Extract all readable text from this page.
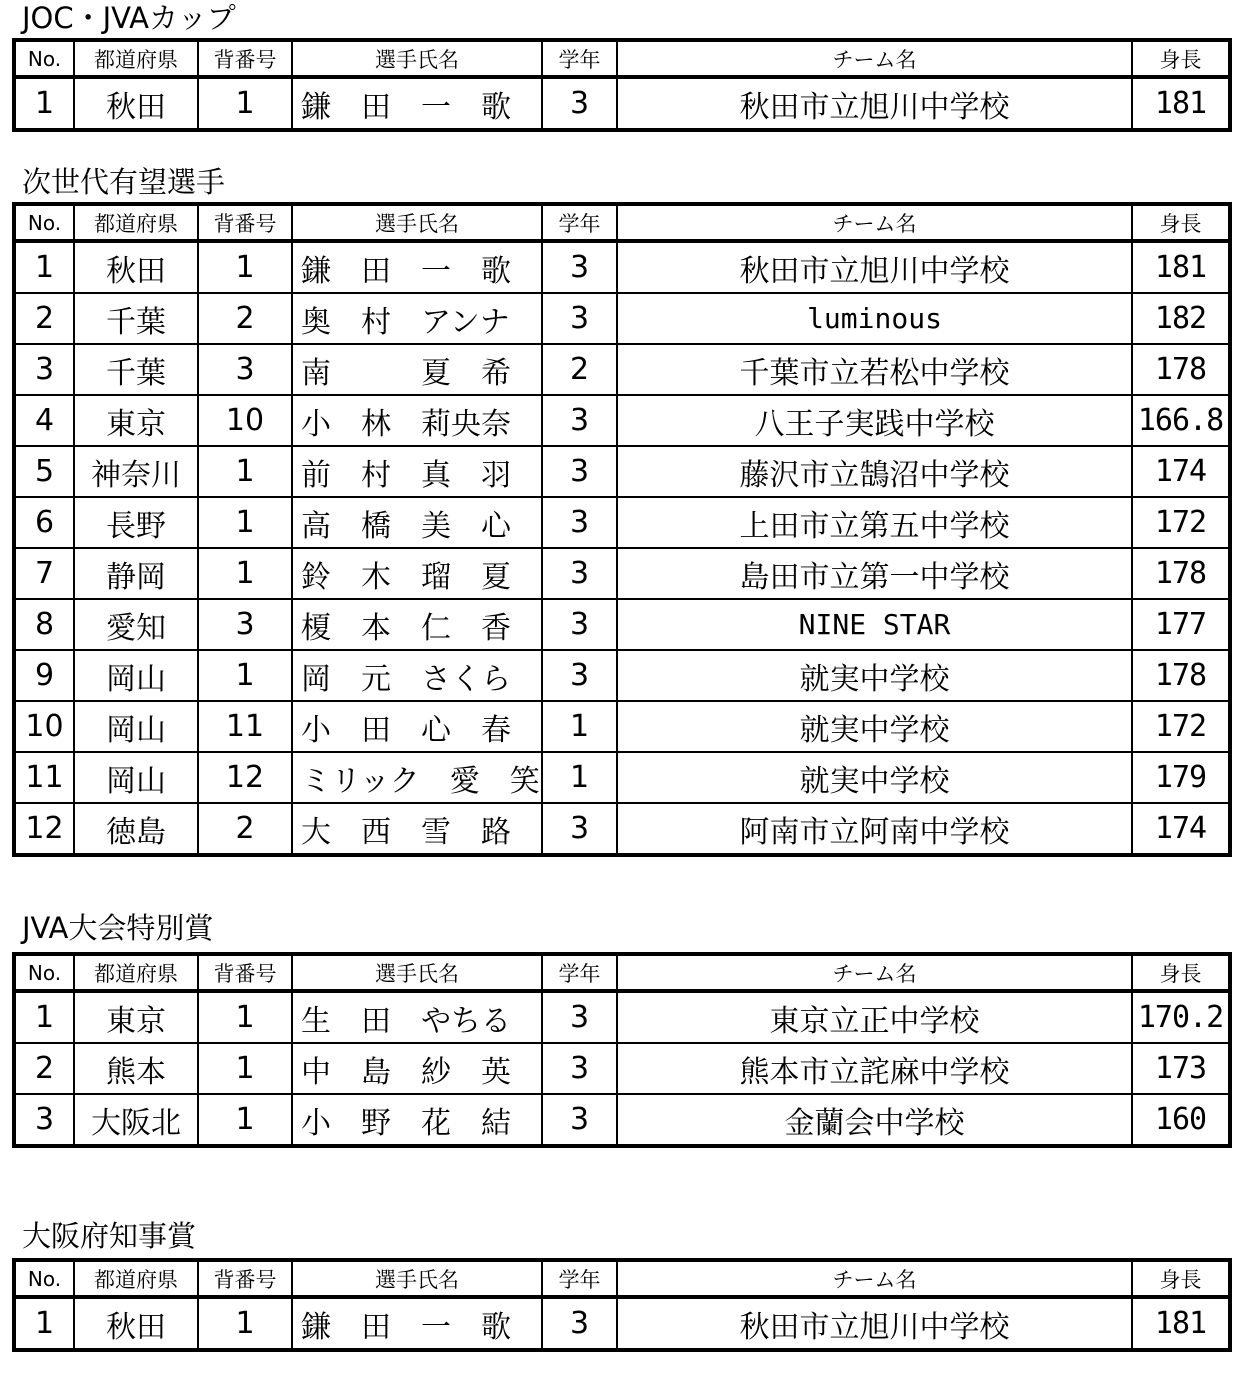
JOC・JVAカップ
No.	都道府県	背番号	選手氏名	学年	チーム名	身長
1	秋田	1	鎌　田　一　歌	3	秋田市立旭川中学校	181
次世代有望選手
No.	都道府県	背番号	選手氏名	学年	チーム名	身長
1	秋田	1	鎌　田　一　歌	3	秋田市立旭川中学校	181
2	千葉	2	奥　村　アンナ	3	luminous	182
3	千葉	3	南　　　夏　希	2	千葉市立若松中学校	178
4	東京	10	小　林　莉央奈	3	八王子実践中学校	166.8
5	神奈川	1	前　村　真　羽	3	藤沢市立鵠沼中学校	174
6	長野	1	高　橋　美　心	3	上田市立第五中学校	172
7	静岡	1	鈴　木　瑠　夏	3	島田市立第一中学校	178
8	愛知	3	榎　本　仁　香	3	NINE STAR	177
9	岡山	1	岡　元　さくら	3	就実中学校	178
10	岡山	11	小　田　心　春	1	就実中学校	172
11	岡山	12	ミリック　愛　笑	1	就実中学校	179
12	徳島	2	大　西　雪　路	3	阿南市立阿南中学校	174
JVA大会特別賞
No.	都道府県	背番号	選手氏名	学年	チーム名	身長
1	東京	1	生　田　やちる	3	東京立正中学校	170.2
2	熊本	1	中　島　紗　英	3	熊本市立詫麻中学校	173
3	大阪北	1	小　野　花　結	3	金蘭会中学校	160
大阪府知事賞
No.	都道府県	背番号	選手氏名	学年	チーム名	身長
1	秋田	1	鎌　田　一　歌	3	秋田市立旭川中学校	181
